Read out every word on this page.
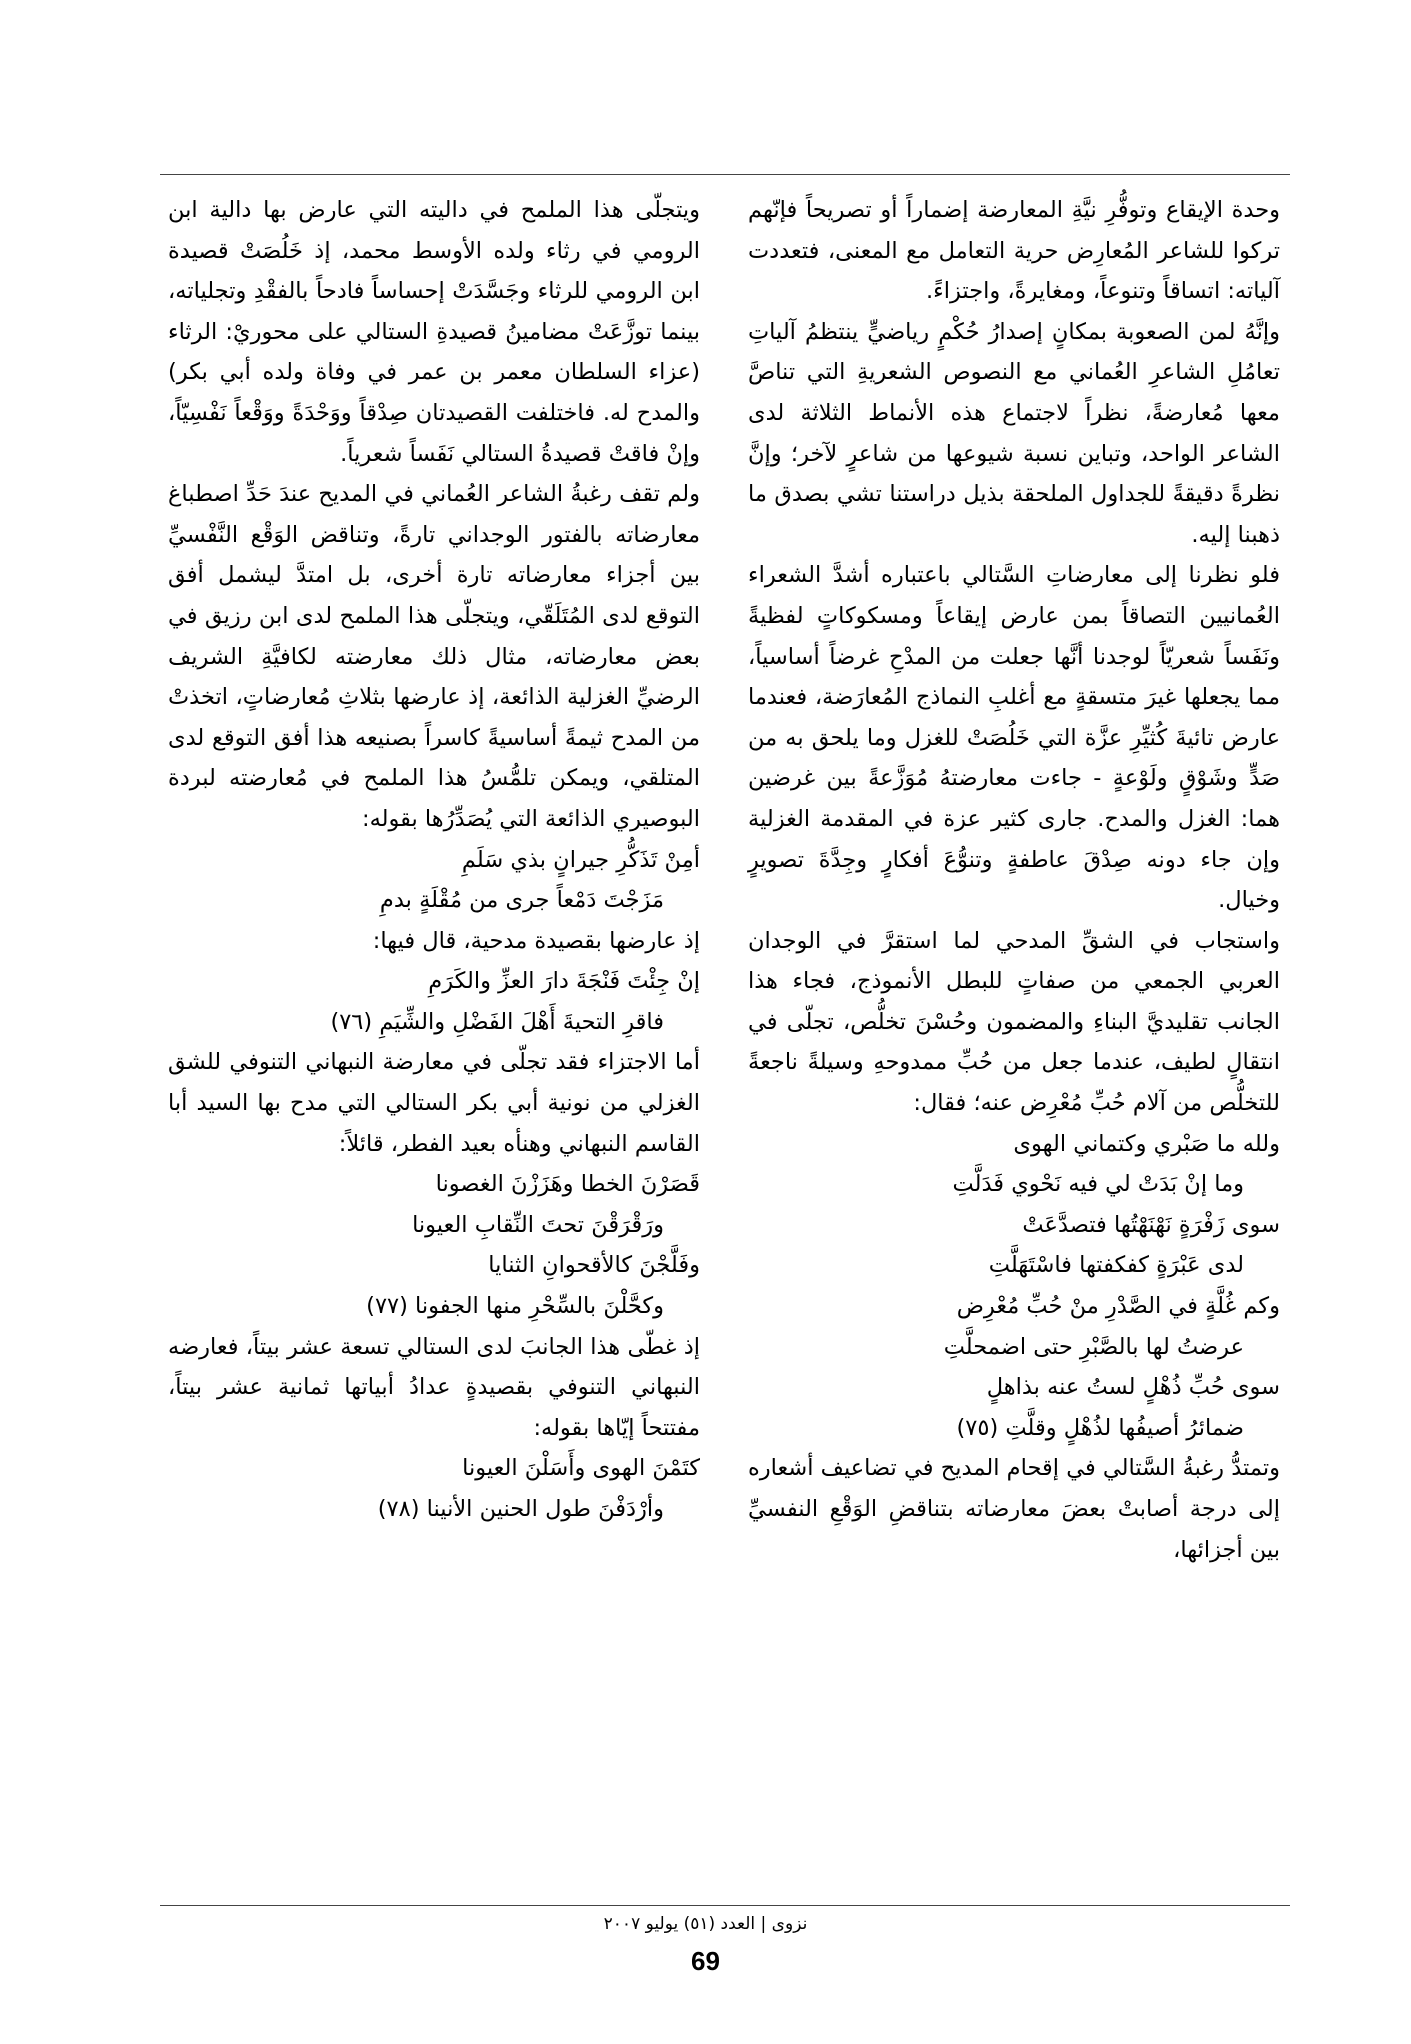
وحدة الإيقاع وتوفُّرِ نيَّةِ المعارضة إضماراً أو تصريحاً فإنّهم تركوا للشاعر المُعارِض حرية التعامل مع المعنى، فتعددت آلياته: اتساقاً وتنوعاً، ومغايرةً، واجتزاءً.

وإنَّهُ لمن الصعوبة بمكانٍ إصدارُ حُكْمٍ رياضيٍّ ينتظمُ آلياتِ تعامُلِ الشاعرِ العُماني مع النصوص الشعريةِ التي تناصَّ معها مُعارضةً، نظراً لاجتماع هذه الأنماط الثلاثة لدى الشاعر الواحد، وتباين نسبة شيوعها من شاعرٍ لآخر؛ وإنَّ نظرةً دقيقةً للجداول الملحقة بذيل دراستنا تشي بصدق ما ذهبنا إليه.

فلو نظرنا إلى معارضاتِ السَّتالي باعتباره أشدَّ الشعراء العُمانيين التصاقاً بمن عارض إيقاعاً ومسكوكاتٍ لفظيةً ونَفَساً شعريّاً لوجدنا أنَّها جعلت من المدْحِ غرضاً أساسياً، مما يجعلها غيرَ متسقةٍ مع أغلبِ النماذج المُعارَضة، فعندما عارض تائيةَ كُثيِّرِ عزَّة التي خَلُصَتْ للغزل وما يلحق به من صَدٍّ وشَوْقٍ ولَوْعةٍ - جاءت معارضتهُ مُوَزَّعةً بين غرضين هما: الغزل والمدح. جارى كثير عزة في المقدمة الغزلية وإن جاء دونه صِدْقَ عاطفةٍ وتنوُّعَ أفكارٍ وجِدَّةَ تصويرٍ وخيال.

واستجاب في الشقِّ المدحي لما استقرَّ في الوجدان العربي الجمعي من صفاتٍ للبطل الأنموذج، فجاء هذا الجانب تقليديَّ البناءِ والمضمون وحُسْنَ تخلُّص، تجلّى في انتقالٍ لطيف، عندما جعل من حُبِّ ممدوحهِ وسيلةً ناجعةً للتخلُّص من آلام حُبِّ مُعْرِض عنه؛ فقال:

ولله ما صَبْري وكتماني الهوى

وما إنْ بَدَتْ لي فيه نَحْوي فَدَلَّتِ

سوى زَفْرَةٍ نَهْنَهْتُها فتصدَّعَتْ

لدى عَبْرَةٍ كفكفتها فاسْتَهَلَّتِ

وكم غُلَّةٍ في الصَّدْرِ منْ حُبِّ مُعْرِض

عرضتُ لها بالصَّبْرِ حتى اضمحلَّتِ

سوى حُبِّ ذُهْلٍ لستُ عنه بذاهلٍ

ضمائرُ أصيفُها لذُهْلٍ وقلَّتِ (٧٥)

وتمتدُّ رغبةُ السَّتالي في إقحام المديح في تضاعيف أشعاره إلى درجة أصابتْ بعضَ معارضاته بتناقضِ الوَقْعِ النفسيِّ بين أجزائها،

ويتجلّى هذا الملمح في داليته التي عارض بها دالية ابن الرومي في رثاء ولده الأوسط محمد، إذ خَلُصَتْ قصيدة ابن الرومي للرثاء وجَسَّدَتْ إحساساً فادحاً بالفقْدِ وتجلياته، بينما توزَّعَتْ مضامينُ قصيدةِ الستالي على محوريْ: الرثاء (عزاء السلطان معمر بن عمر في وفاة ولده أبي بكر) والمدح له. فاختلفت القصيدتان صِدْقاً ووَحْدَةً ووَقْعاً نَفْسِيّاً، وإنْ فاقتْ قصيدةُ الستالي نَفَساً شعرياً.

ولم تقف رغبةُ الشاعر العُماني في المديح عندَ حَدِّ اصطباغ معارضاته بالفتور الوجداني تارةً، وتناقض الوَقْع النَّفْسيِّ بين أجزاء معارضاته تارة أخرى، بل امتدَّ ليشمل أفق التوقع لدى المُتَلَقّي، ويتجلّى هذا الملمح لدى ابن رزيق في بعض معارضاته، مثال ذلك معارضته لكافيَّةِ الشريف الرضيِّ الغزلية الذائعة، إذ عارضها بثلاثِ مُعارضاتٍ، اتخذتْ من المدح ثيمةً أساسيةً كاسراً بصنيعه هذا أفق التوقع لدى المتلقي، ويمكن تلمُّسُ هذا الملمح في مُعارضته لبردة البوصيري الذائعة التي يُصَدِّرُها بقوله:

أمِنْ تَذَكُّرِ جيرانٍ بذي سَلَمِ

مَزَجْتَ دَمْعاً جرى من مُقْلَةٍ بدمِ

إذ عارضها بقصيدة مدحية، قال فيها:

إنْ جِئْتَ فَنْجَةَ دارَ العزِّ والكَرَمِ

فاقرِ التحيةَ أَهْلَ الفَضْلِ والشِّيَمِ (٧٦)

أما الاجتزاء فقد تجلّى في معارضة النبهاني التنوفي للشق الغزلي من نونية أبي بكر الستالي التي مدح بها السيد أبا القاسم النبهاني وهنأه بعيد الفطر، قائلاً:

قَصَرْنَ الخطا وهَزَزْنَ الغصونا

ورَقْرَقْنَ تحتَ النِّقابِ العيونا

وفَلَّجْنَ كالأقحوانِ الثنايا

وكحَّلْنَ بالسِّحْرِ منها الجفونا (٧٧)

إذ غطّى هذا الجانبَ لدى الستالي تسعة عشر بيتاً، فعارضه النبهاني التنوفي بقصيدةٍ عدادُ أبياتها ثمانية عشر بيتاً، مفتتحاً إيّاها بقوله:

كتَمْنَ الهوى وأَسَلْنَ العيونا

وأرْدَفْنَ طول الحنين الأنينا (٧٨)

نزوى | العدد (٥١) يوليو ٢٠٠٧
69
